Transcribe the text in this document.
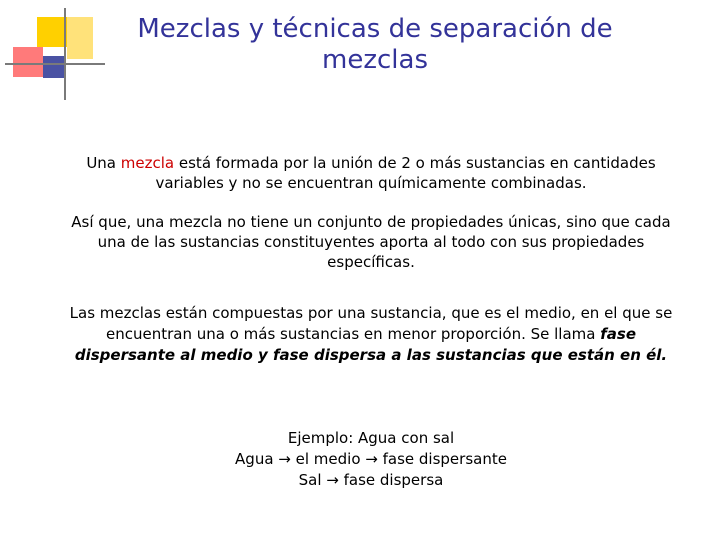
Mezclas y técnicas de separación de mezclas

Una mezcla está formada por la unión de 2 o más sustancias en cantidades variables y no se encuentran químicamente combinadas.

Así que, una mezcla no tiene un conjunto de propiedades únicas, sino que cada una de las sustancias constituyentes aporta al todo con sus propiedades específicas.

Las mezclas están compuestas por una sustancia, que es el medio, en el que se encuentran una o más sustancias en menor proporción. Se llama fase dispersante al medio y fase dispersa a las sustancias que están en él.

Ejemplo: Agua con sal
Agua → el medio → fase dispersante
Sal → fase dispersa
